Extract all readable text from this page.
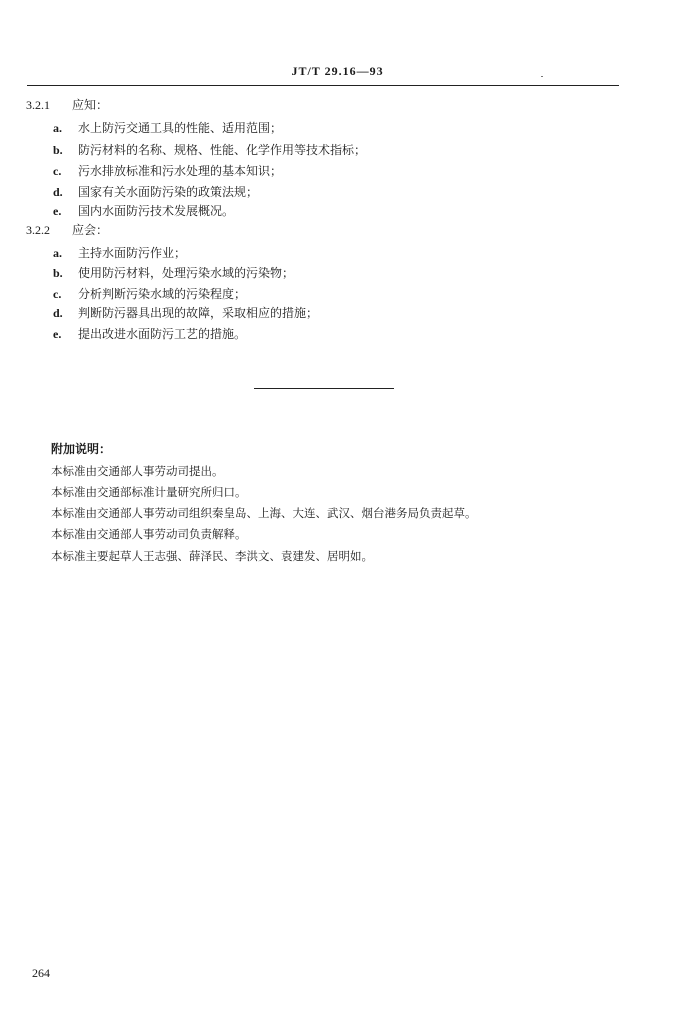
JT/T 29.16—93
3.2.1 应知：
a. 水上防污交通工具的性能、适用范围；
b. 防污材料的名称、规格、性能、化学作用等技术指标；
c. 污水排放标准和污水处理的基本知识；
d. 国家有关水面防污染的政策法规；
e. 国内水面防污技术发展概况。
3.2.2 应会：
a. 主持水面防污作业；
b. 使用防污材料，处理污染水域的污染物；
c. 分析判断污染水域的污染程度；
d. 判断防污器具出现的故障，采取相应的措施；
e. 提出改进水面防污工艺的措施。
附加说明：
本标准由交通部人事劳动司提出。
本标准由交通部标准计量研究所归口。
本标准由交通部人事劳动司组织秦皇岛、上海、大连、武汉、烟台港务局负责起草。
本标准由交通部人事劳动司负责解释。
本标准主要起草人王志强、薛泽民、李洪文、袁建发、居明如。
264
